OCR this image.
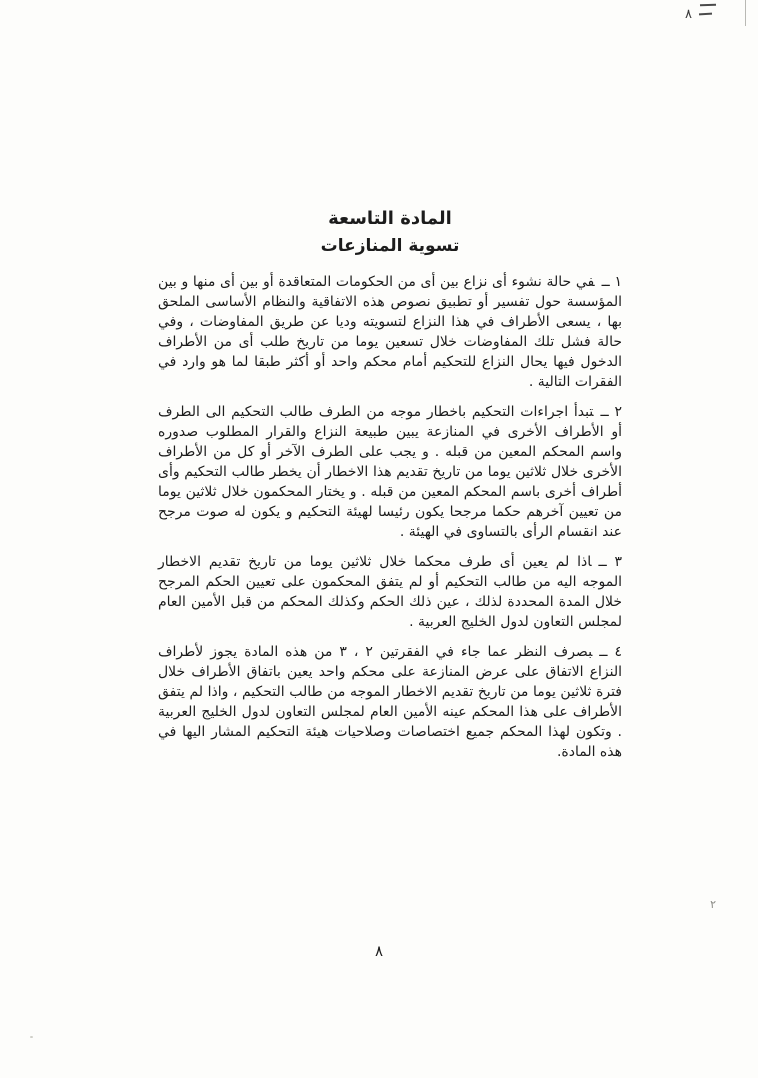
٨
المادة التاسعة
تسوية المنازعات

١ ــفي حالة نشوء أى نزاع بين أى من الحكومات المتعاقدة أو بين أى منها و بين المؤسسة حول تفسير أو تطبيق نصوص هذه الاتفاقية والنظام الأساسى الملحق بها ، يسعى الأطراف في هذا النزاع لتسويته وديا عن طريق المفاوضات ، وفي حالة فشل تلك المفاوضات خلال تسعين يوما من تاريخ طلب أى من الأطراف الدخول فيها يحال النزاع للتحكيم أمام محكم واحد أو أكثر طبقا لما هو وارد في الفقرات التالية .

٢ ــتبدأ اجراءات التحكيم باخطار موجه من الطرف طالب التحكيم الى الطرف أو الأطراف الأخرى في المنازعة يبين طبيعة النزاع والقرار المطلوب صدوره واسم المحكم المعين من قبله . و يجب على الطرف الآخر أو كل من الأطراف الأخرى خلال ثلاثين يوما من تاريخ تقديم هذا الاخطار أن يخطر طالب التحكيم وأى أطراف أخرى باسم المحكم المعين من قبله . و يختار المحكمون خلال ثلاثين يوما من تعيين آخرهم حكما مرجحا يكون رئيسا لهيئة التحكيم و يكون له صوت مرجح عند انقسام الرأى بالتساوى في الهيئة .

٣ ــاذا لم يعين أى طرف محكما خلال ثلاثين يوما من تاريخ تقديم الاخطار الموجه اليه من طالب التحكيم أو لم يتفق المحكمون على تعيين الحكم المرجح خلال المدة المحددة لذلك ، عين ذلك الحكم وكذلك المحكم من قبل الأمين العام لمجلس التعاون لدول الخليج العربية .

٤ ــبصرف النظر عما جاء في الفقرتين ٢ ، ٣ من هذه المادة يجوز لأطراف النزاع الاتفاق على عرض المنازعة على محكم واحد يعين باتفاق الأطراف خلال فترة ثلاثين يوما من تاريخ تقديم الاخطار الموجه من طالب التحكيم ، واذا لم يتفق الأطراف على هذا المحكم عينه الأمين العام لمجلس التعاون لدول الخليج العربية . وتكون لهذا المحكم جميع اختصاصات وصلاحيات هيئة التحكيم المشار اليها في هذه المادة.

٢
٨
